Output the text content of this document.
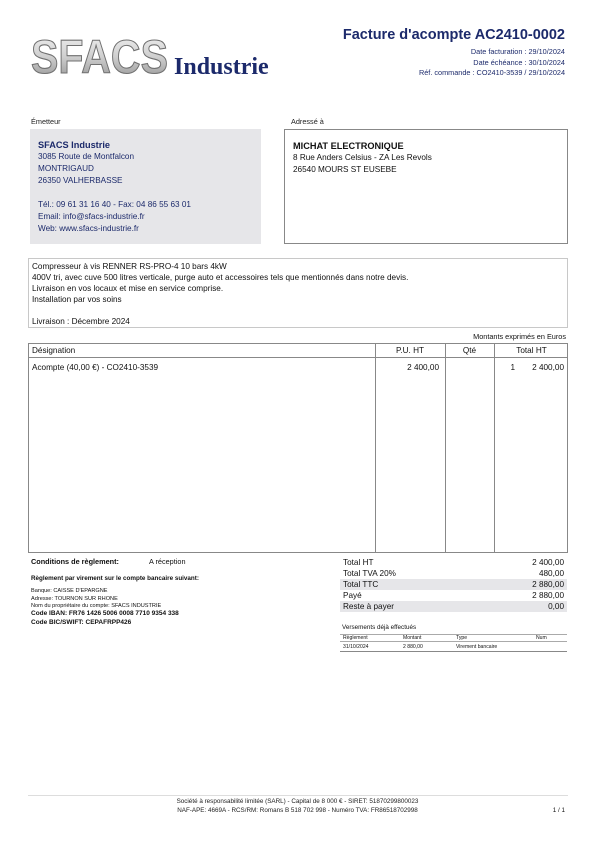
SFACS Industrie
Facture d'acompte AC2410-0002
Date facturation : 29/10/2024
Date échéance : 30/10/2024
Réf. commande : CO2410-3539 / 29/10/2024
Émetteur
SFACS Industrie
3085 Route de Montfalcon
MONTRIGAUD
26350 VALHERBASSE
Tél.: 09 61 31 16 40 - Fax: 04 86 55 63 01
Email: info@sfacs-industrie.fr
Web: www.sfacs-industrie.fr
Adressé à
MICHAT ELECTRONIQUE
8 Rue Anders Celsius - ZA Les Revols
26540 MOURS ST EUSEBE
Compresseur à vis RENNER RS-PRO-4 10 bars 4kW
400V tri, avec cuve 500 litres verticale, purge auto et accessoires tels que mentionnés dans notre devis.
Livraison en vos locaux et mise en service comprise.
Installation par vos soins
Livraison : Décembre 2024
Montants exprimés en Euros
Désignation	P.U. HT	Qté	Total HT
Acompte (40,00 €) - CO2410-3539	2 400,00	1 2 400,00
Conditions de règlement:	A réception
Règlement par virement sur le compte bancaire suivant:
Banque: CAISSE D'EPARGNE
Adresse: TOURNON SUR RHONE
Nom du propriétaire du compte: SFACS INDUSTRIE
Code IBAN: FR76 1426 5006 0008 7710 9354 338
Code BIC/SWIFT: CEPAFRPP426
Total HT	2 400,00
Total TVA 20%	480,00
Total TTC	2 880,00
Payé	2 880,00
Reste à payer	0,00
Versements déjà effectués
Règlement	Montant	Type	Num
31/10/2024	2 880,00	Virement bancaire
Société à responsabilité limitée (SARL) - Capital de 8 000 € - SIRET: 51870299800023
NAF-APE: 4669A - RCS/RM: Romans B 518 702 998 - Numéro TVA: FR86518702998	1 / 1
